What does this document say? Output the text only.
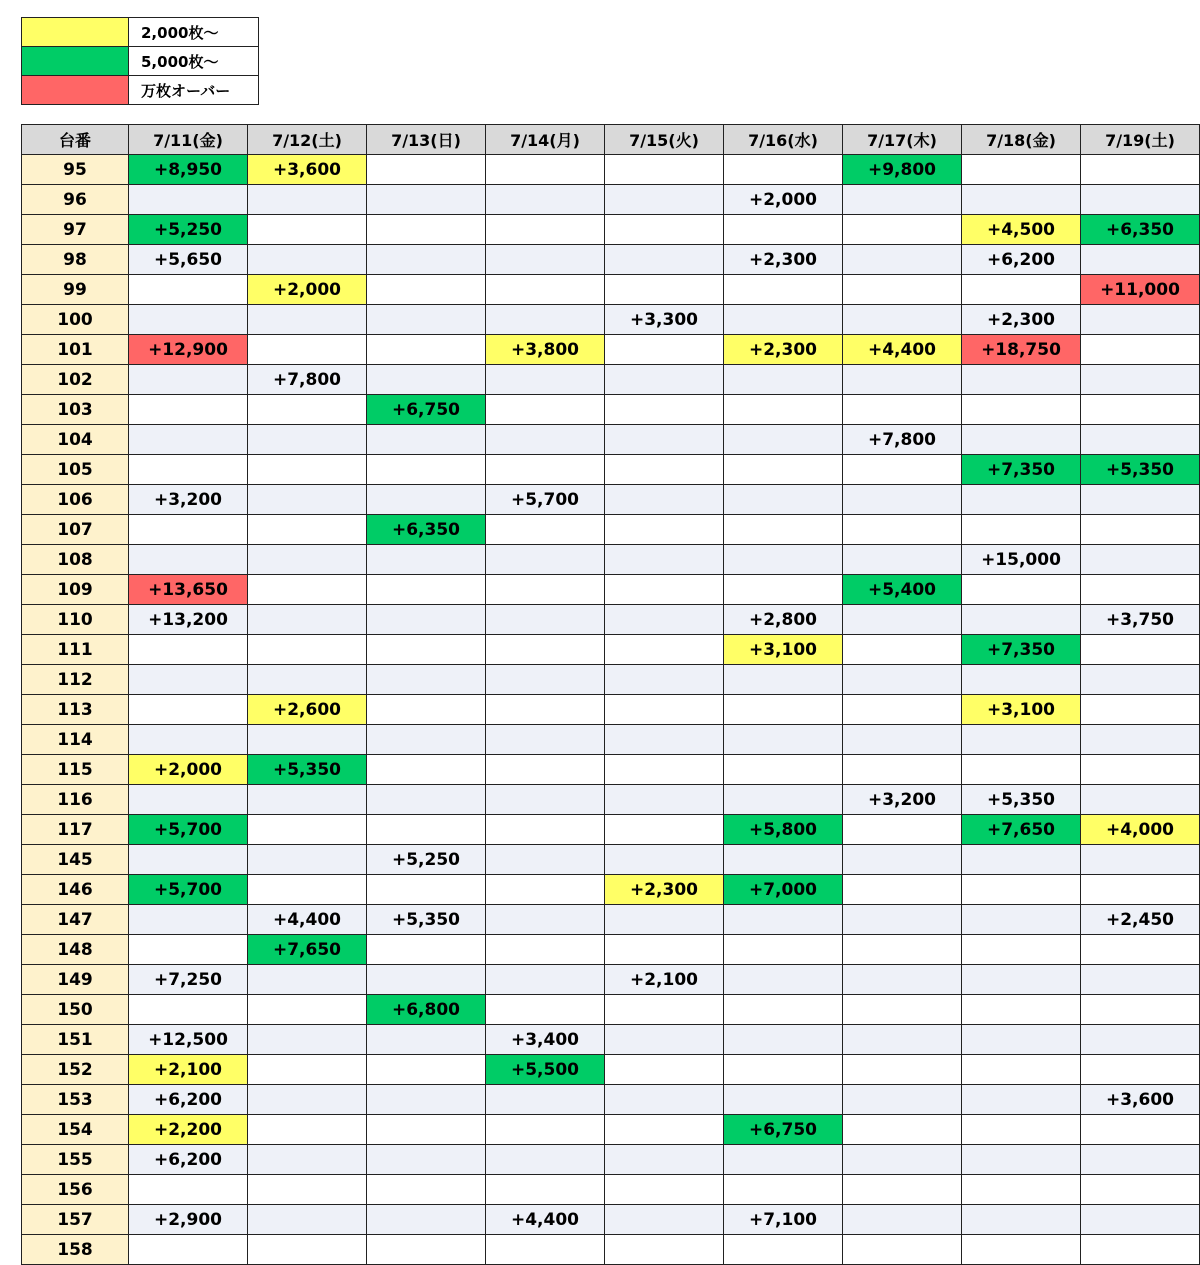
	2,000枚〜
	5,000枚〜
	万枚オーバー
台番	7/11(金)	7/12(土)	7/13(日)	7/14(月)	7/15(火)	7/16(水)	7/17(木)	7/18(金)	7/19(土)
95	+8,950	+3,600					+9,800		
96						+2,000			
97	+5,250							+4,500	+6,350
98	+5,650					+2,300		+6,200	
99		+2,000							+11,000
100					+3,300			+2,300	
101	+12,900			+3,800		+2,300	+4,400	+18,750	
102		+7,800							
103			+6,750						
104							+7,800		
105								+7,350	+5,350
106	+3,200			+5,700					
107			+6,350						
108								+15,000	
109	+13,650						+5,400		
110	+13,200					+2,800			+3,750
111						+3,100		+7,350	
112									
113		+2,600						+3,100	
114									
115	+2,000	+5,350							
116							+3,200	+5,350	
117	+5,700					+5,800		+7,650	+4,000
145			+5,250						
146	+5,700				+2,300	+7,000			
147		+4,400	+5,350						+2,450
148		+7,650							
149	+7,250				+2,100				
150			+6,800						
151	+12,500			+3,400					
152	+2,100			+5,500					
153	+6,200								+3,600
154	+2,200					+6,750			
155	+6,200								
156									
157	+2,900			+4,400		+7,100			
158									
